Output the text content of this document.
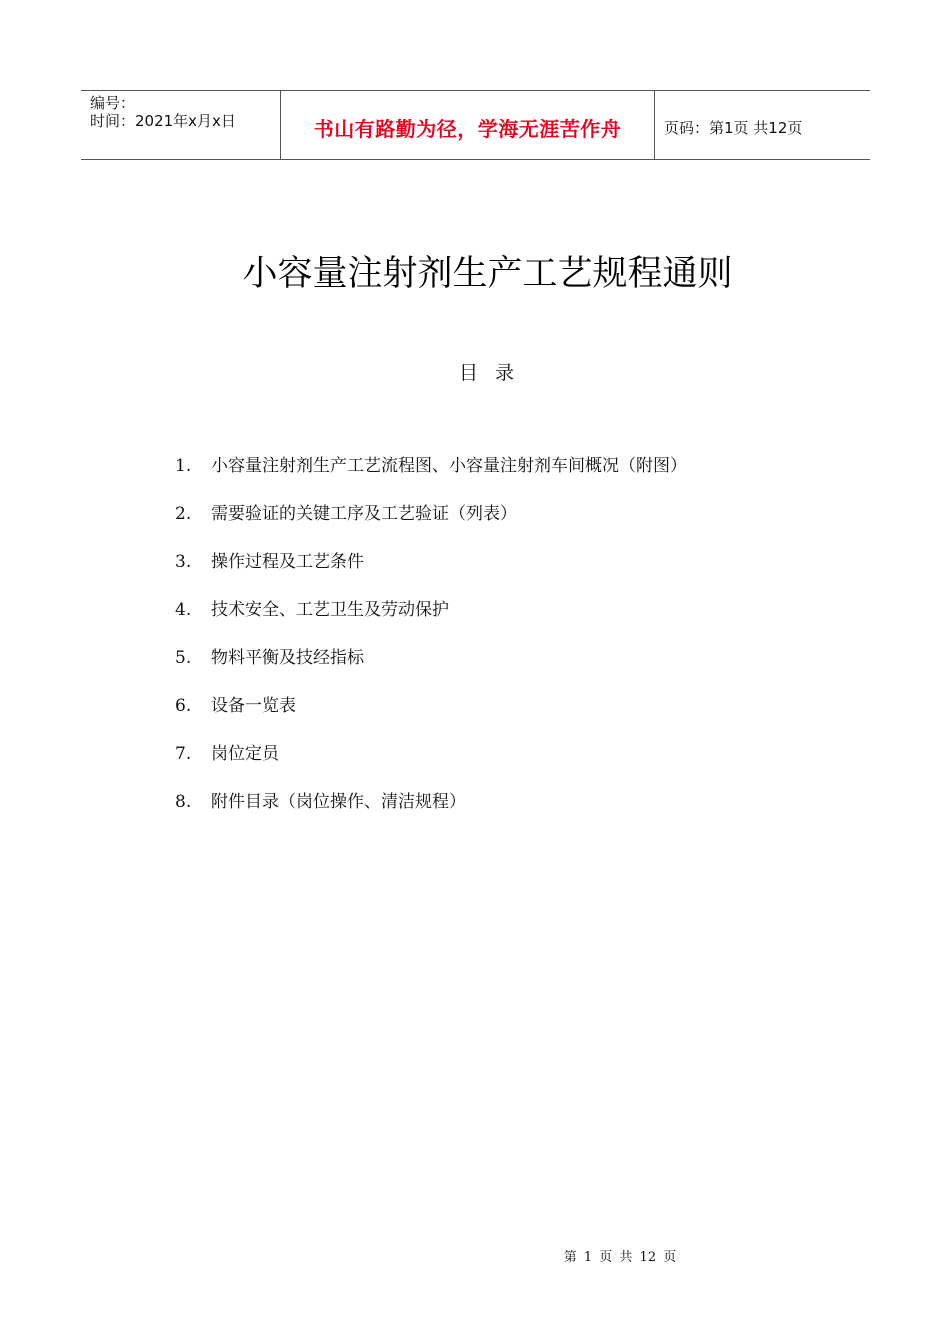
编号：
时间：2021年x月x日	书山有路勤为径，学海无涯苦作舟	页码：第1页 共12页
小容量注射剂生产工艺规程通则
目录
1. 小容量注射剂生产工艺流程图、小容量注射剂车间概况（附图）
2. 需要验证的关键工序及工艺验证（列表）
3. 操作过程及工艺条件
4. 技术安全、工艺卫生及劳动保护
5. 物料平衡及技经指标
6. 设备一览表
7. 岗位定员
8. 附件目录（岗位操作、清洁规程）
第 1 页 共 12 页
